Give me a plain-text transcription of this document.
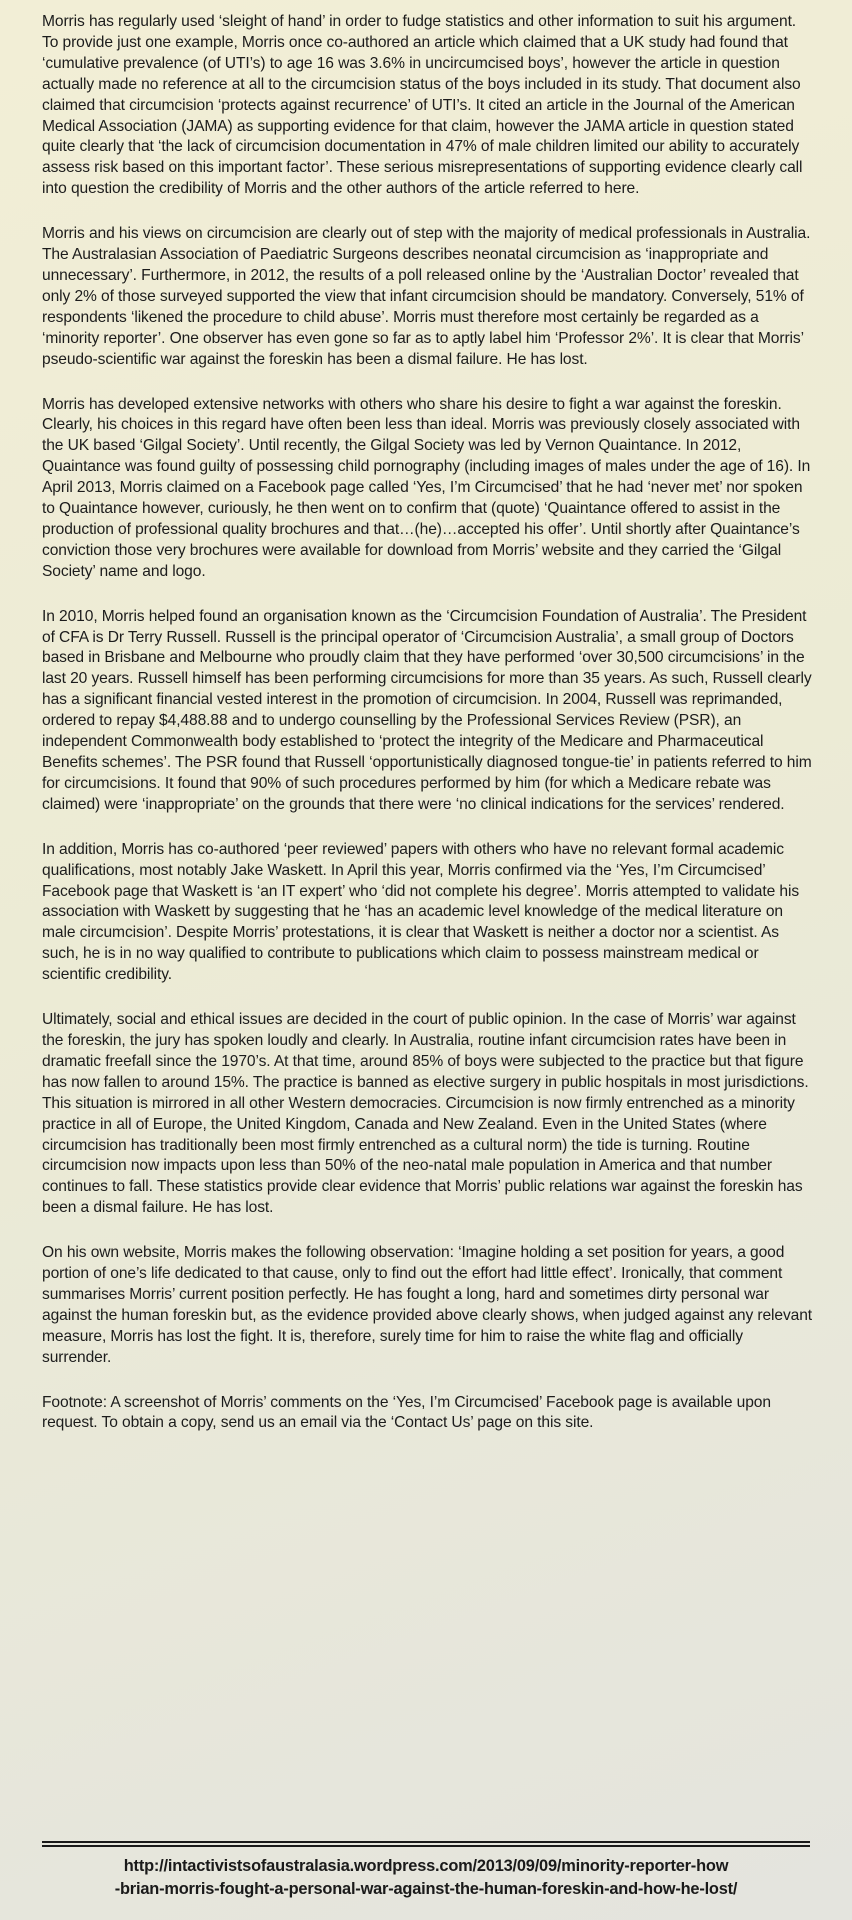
Morris has regularly used ‘sleight of hand’ in order to fudge statistics and other information to suit his argument. To provide just one example, Morris once co-authored an article which claimed that a UK study had found that ‘cumulative prevalence (of UTI’s) to age 16 was 3.6% in uncircumcised boys’, however the article in question actually made no reference at all to the circumcision status of the boys included in its study. That document also claimed that circumcision ‘protects against recurrence’ of UTI’s. It cited an article in the Journal of the American Medical Association (JAMA) as supporting evidence for that claim, however the JAMA article in question stated quite clearly that ‘the lack of circumcision documentation in 47% of male children limited our ability to accurately assess risk based on this important factor’. These serious misrepresentations of supporting evidence clearly call into question the credibility of Morris and the other authors of the article referred to here.

Morris and his views on circumcision are clearly out of step with the majority of medical professionals in Australia. The Australasian Association of Paediatric Surgeons describes neonatal circumcision as ‘inappropriate and unnecessary’. Furthermore, in 2012, the results of a poll released online by the ‘Australian Doctor’ revealed that only 2% of those surveyed supported the view that infant circumcision should be mandatory. Conversely, 51% of respondents ‘likened the procedure to child abuse’. Morris must therefore most certainly be regarded as a ‘minority reporter’. One observer has even gone so far as to aptly label him ‘Professor 2%’. It is clear that Morris’ pseudo-scientific war against the foreskin has been a dismal failure. He has lost.

Morris has developed extensive networks with others who share his desire to fight a war against the foreskin. Clearly, his choices in this regard have often been less than ideal. Morris was previously closely associated with the UK based ‘Gilgal Society’. Until recently, the Gilgal Society was led by Vernon Quaintance. In 2012, Quaintance was found guilty of possessing child pornography (including images of males under the age of 16). In April 2013, Morris claimed on a Facebook page called ‘Yes, I’m Circumcised’ that he had ‘never met’ nor spoken to Quaintance however, curiously, he then went on to confirm that (quote) ‘Quaintance offered to assist in the production of professional quality brochures and that…(he)…accepted his offer’. Until shortly after Quaintance’s conviction those very brochures were available for download from Morris’ website and they carried the ‘Gilgal Society’ name and logo.

In 2010, Morris helped found an organisation known as the ‘Circumcision Foundation of Australia’. The President of CFA is Dr Terry Russell. Russell is the principal operator of ‘Circumcision Australia’, a small group of Doctors based in Brisbane and Melbourne who proudly claim that they have performed ‘over 30,500 circumcisions’ in the last 20 years. Russell himself has been performing circumcisions for more than 35 years. As such, Russell clearly has a significant financial vested interest in the promotion of circumcision. In 2004, Russell was reprimanded, ordered to repay $4,488.88 and to undergo counselling by the Professional Services Review (PSR), an independent Commonwealth body established to ‘protect the integrity of the Medicare and Pharmaceutical Benefits schemes’. The PSR found that Russell ‘opportunistically diagnosed tongue-tie’ in patients referred to him for circumcisions. It found that 90% of such procedures performed by him (for which a Medicare rebate was claimed) were ‘inappropriate’ on the grounds that there were ‘no clinical indications for the services’ rendered.

In addition, Morris has co-authored ‘peer reviewed’ papers with others who have no relevant formal academic qualifications, most notably Jake Waskett. In April this year, Morris confirmed via the ‘Yes, I’m Circumcised’ Facebook page that Waskett is ‘an IT expert’ who ‘did not complete his degree’. Morris attempted to validate his association with Waskett by suggesting that he ‘has an academic level knowledge of the medical literature on male circumcision’. Despite Morris’ protestations, it is clear that Waskett is neither a doctor nor a scientist. As such, he is in no way qualified to contribute to publications which claim to possess mainstream medical or scientific credibility.

Ultimately, social and ethical issues are decided in the court of public opinion. In the case of Morris’ war against the foreskin, the jury has spoken loudly and clearly. In Australia, routine infant circumcision rates have been in dramatic freefall since the 1970’s. At that time, around 85% of boys were subjected to the practice but that figure has now fallen to around 15%. The practice is banned as elective surgery in public hospitals in most jurisdictions. This situation is mirrored in all other Western democracies. Circumcision is now firmly entrenched as a minority practice in all of Europe, the United Kingdom, Canada and New Zealand. Even in the United States (where circumcision has traditionally been most firmly entrenched as a cultural norm) the tide is turning. Routine circumcision now impacts upon less than 50% of the neo-natal male population in America and that number continues to fall. These statistics provide clear evidence that Morris’ public relations war against the foreskin has been a dismal failure. He has lost.

On his own website, Morris makes the following observation: ‘Imagine holding a set position for years, a good portion of one’s life dedicated to that cause, only to find out the effort had little effect’. Ironically, that comment summarises Morris’ current position perfectly. He has fought a long, hard and sometimes dirty personal war against the human foreskin but, as the evidence provided above clearly shows, when judged against any relevant measure, Morris has lost the fight. It is, therefore, surely time for him to raise the white flag and officially surrender.

Footnote: A screenshot of Morris’ comments on the ‘Yes, I’m Circumcised’ Facebook page is available upon request. To obtain a copy, send us an email via the ‘Contact Us’ page on this site.

http://intactivistsofaustralasia.wordpress.com/2013/09/09/minority-reporter-how
-brian-morris-fought-a-personal-war-against-the-human-foreskin-and-how-he-lost/
